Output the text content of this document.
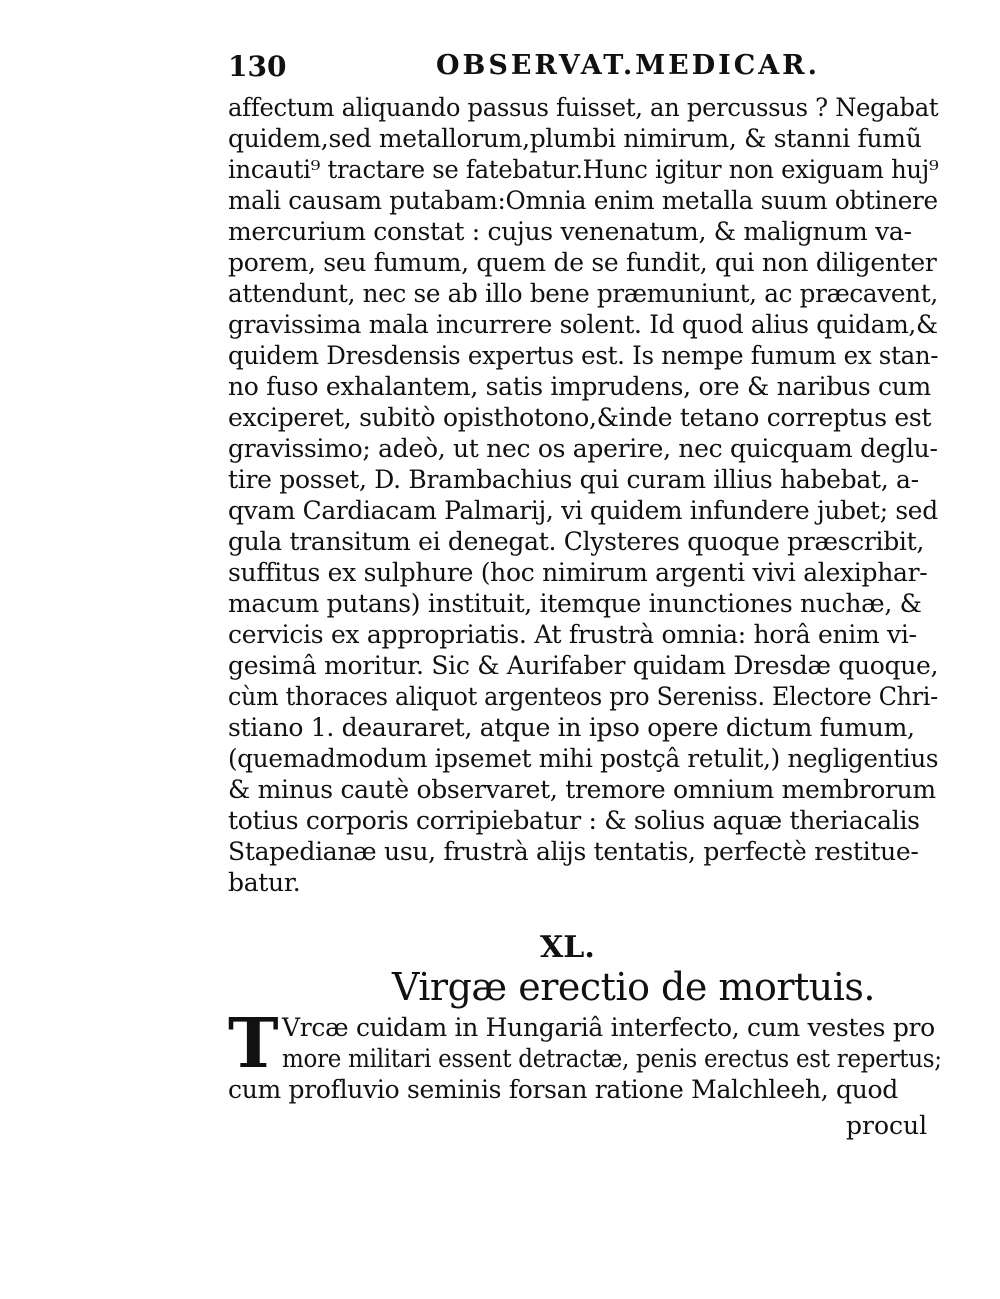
130	OBSERVAT.MEDICAR.
affectum aliquando passus fuisset, an percussus ? Negabat
quidem,sed metallorum,plumbi nimirum, & stanni fumũ
incauti⁹ tractare se fatebatur.Hunc igitur non exiguam huj⁹
mali causam putabam:Omnia enim metalla suum obtinere
mercurium constat : cujus venenatum, & malignum va-
porem, seu fumum, quem de se fundit, qui non diligenter
attendunt, nec se ab illo bene præmuniunt, ac præcavent,
gravissima mala incurrere solent. Id quod alius quidam,&
quidem Dresdensis expertus est. Is nempe fumum ex stan-
no fuso exhalantem, satis imprudens, ore & naribus cum
exciperet, subitò opisthotono,&inde tetano correptus est
gravissimo; adeò, ut nec os aperire, nec quicquam deglu-
tire posset, D. Brambachius qui curam illius habebat, a-
qvam Cardiacam Palmarij, vi quidem infundere jubet; sed
gula transitum ei denegat. Clysteres quoque præscribit,
suffitus ex sulphure (hoc nimirum argenti vivi alexiphar-
macum putans) instituit, itemque inunctiones nuchæ, &
cervicis ex appropriatis. At frustrà omnia: horâ enim vi-
gesimâ moritur. Sic & Aurifaber quidam Dresdæ quoque,
cùm thoraces aliquot argenteos pro Sereniss. Electore Chri-
stiano 1. deauraret, atque in ipso opere dictum fumum,
(quemadmodum ipsemet mihi postçâ retulit,) negligentius
& minus cautè observaret, tremore omnium membrorum
totius corporis corripiebatur : & solius aquæ theriacalis
Stapedianæ usu, frustrà alijs tentatis, perfectè restitue-
batur.
XL.
Virgæ erectio de mortuis.
T Vrcæ cuidam in Hungariâ interfecto, cum vestes pro
more militari essent detractæ, penis erectus est repertus;
cum profluvio seminis forsan ratione Malchleeh, quod
procul
